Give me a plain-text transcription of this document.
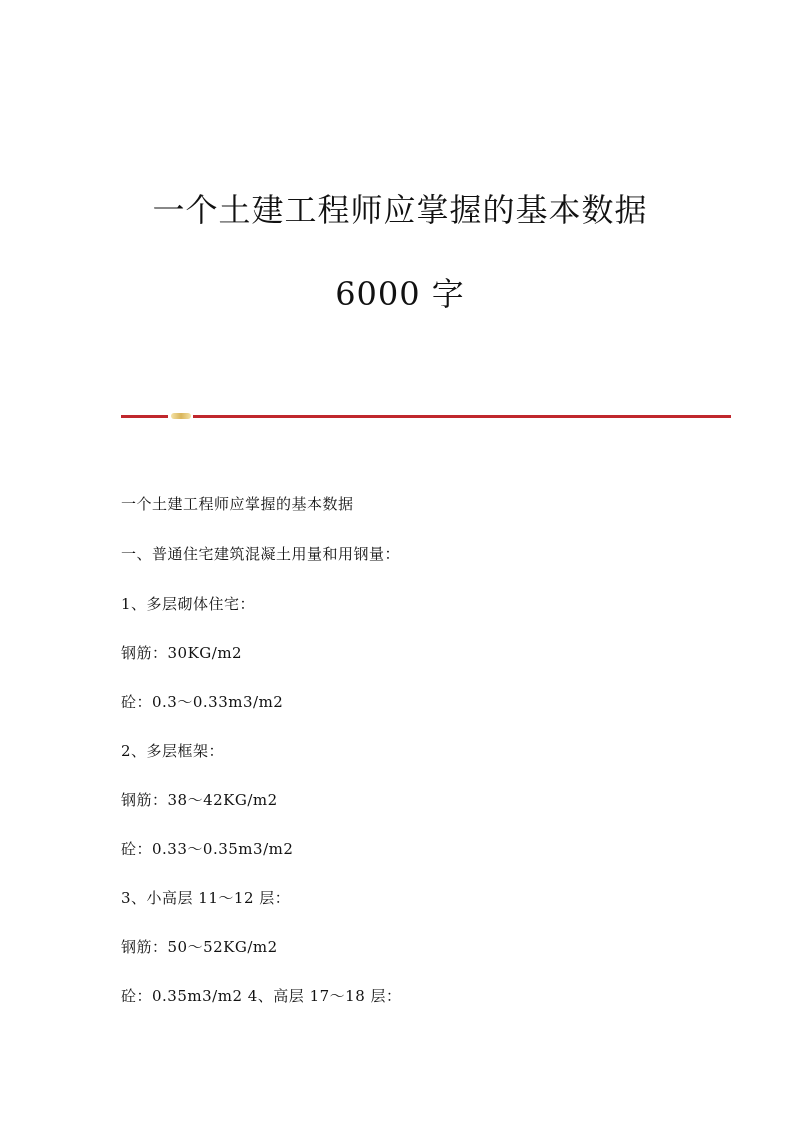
一个土建工程师应掌握的基本数据
6000 字
一个土建工程师应掌握的基本数据
一、普通住宅建筑混凝土用量和用钢量：
1、多层砌体住宅：
钢筋：30KG/m2
砼：0.3～0.33m3/m2
2、多层框架：
钢筋：38～42KG/m2
砼：0.33～0.35m3/m2
3、小高层 11～12 层：
钢筋：50～52KG/m2
砼：0.35m3/m2 4、高层 17～18 层：
